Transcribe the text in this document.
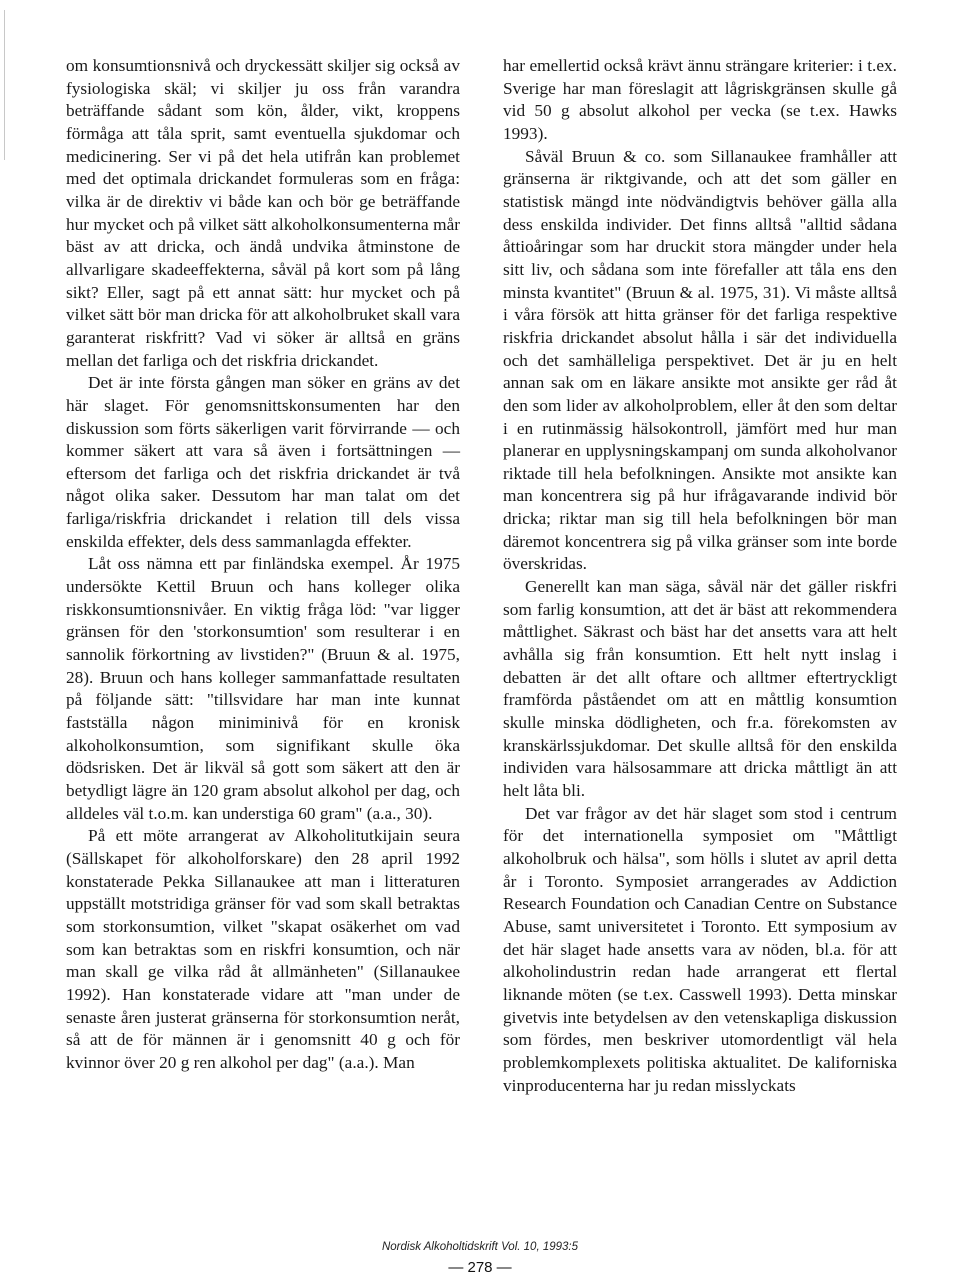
om konsumtionsnivå och dryckessätt skiljer sig också av fysiologiska skäl; vi skiljer ju oss från varandra beträffande sådant som kön, ålder, vikt, kroppens förmåga att tåla sprit, samt eventuella sjukdomar och medicinering. Ser vi på det hela utifrån kan problemet med det optimala drickandet formuleras som en fråga: vilka är de direktiv vi både kan och bör ge beträffande hur mycket och på vilket sätt alkoholkonsumenterna mår bäst av att dricka, och ändå undvika åtminstone de allvarligare skadeeffekterna, såväl på kort som på lång sikt? Eller, sagt på ett annat sätt: hur mycket och på vilket sätt bör man dricka för att alkoholbruket skall vara garanterat riskfritt? Vad vi söker är alltså en gräns mellan det farliga och det riskfria drickandet.

Det är inte första gången man söker en gräns av det här slaget. För genomsnittskonsumenten har den diskussion som förts säkerligen varit förvirrande — och kommer säkert att vara så även i fortsättningen — eftersom det farliga och det riskfria drickandet är två något olika saker. Dessutom har man talat om det farliga/riskfria drickandet i relation till dels vissa enskilda effekter, dels dess sammanlagda effekter.

Låt oss nämna ett par finländska exempel. År 1975 undersökte Kettil Bruun och hans kolleger olika riskkonsumtionsnivåer. En viktig fråga löd: "var ligger gränsen för den 'storkonsumtion' som resulterar i en sannolik förkortning av livstiden?" (Bruun & al. 1975, 28). Bruun och hans kolleger sammanfattade resultaten på följande sätt: "tillsvidare har man inte kunnat fastställa någon miniminivå för en kronisk alkoholkonsumtion, som signifikant skulle öka dödsrisken. Det är likväl så gott som säkert att den är betydligt lägre än 120 gram absolut alkohol per dag, och alldeles väl t.o.m. kan understiga 60 gram" (a.a., 30).

På ett möte arrangerat av Alkoholitutkijain seura (Sällskapet för alkoholforskare) den 28 april 1992 konstaterade Pekka Sillanaukee att man i litteraturen uppställt motstridiga gränser för vad som skall betraktas som storkonsumtion, vilket "skapat osäkerhet om vad som kan betraktas som en riskfri konsumtion, och när man skall ge vilka råd åt allmänheten" (Sillanaukee 1992). Han konstaterade vidare att "man under de senaste åren justerat gränserna för storkonsumtion neråt, så att de för männen är i genomsnitt 40 g och för kvinnor över 20 g ren alkohol per dag" (a.a.). Man

har emellertid också krävt ännu strängare kriterier: i t.ex. Sverige har man föreslagit att lågriskgränsen skulle gå vid 50 g absolut alkohol per vecka (se t.ex. Hawks 1993).

Såväl Bruun & co. som Sillanaukee framhåller att gränserna är riktgivande, och att det som gäller en statistisk mängd inte nödvändigtvis behöver gälla alla dess enskilda individer. Det finns alltså "alltid sådana åttioåringar som har druckit stora mängder under hela sitt liv, och sådana som inte förefaller att tåla ens den minsta kvantitet" (Bruun & al. 1975, 31). Vi måste alltså i våra försök att hitta gränser för det farliga respektive riskfria drickandet absolut hålla i sär det individuella och det samhälleliga perspektivet. Det är ju en helt annan sak om en läkare ansikte mot ansikte ger råd åt den som lider av alkoholproblem, eller åt den som deltar i en rutinmässig hälsokontroll, jämfört med hur man planerar en upplysningskampanj om sunda alkoholvanor riktade till hela befolkningen. Ansikte mot ansikte kan man koncentrera sig på hur ifrågavarande individ bör dricka; riktar man sig till hela befolkningen bör man däremot koncentrera sig på vilka gränser som inte borde överskridas.

Generellt kan man säga, såväl när det gäller riskfri som farlig konsumtion, att det är bäst att rekommendera måttlighet. Säkrast och bäst har det ansetts vara att helt avhålla sig från konsumtion. Ett helt nytt inslag i debatten är det allt oftare och alltmer eftertryckligt framförda påståendet om att en måttlig konsumtion skulle minska dödligheten, och fr.a. förekomsten av kranskärlssjukdomar. Det skulle alltså för den enskilda individen vara hälsosammare att dricka måttligt än att helt låta bli.

Det var frågor av det här slaget som stod i centrum för det internationella symposiet om "Måttligt alkoholbruk och hälsa", som hölls i slutet av april detta år i Toronto. Symposiet arrangerades av Addiction Research Foundation och Canadian Centre on Substance Abuse, samt universitetet i Toronto. Ett symposium av det här slaget hade ansetts vara av nöden, bl.a. för att alkoholindustrin redan hade arrangerat ett flertal liknande möten (se t.ex. Casswell 1993). Detta minskar givetvis inte betydelsen av den vetenskapliga diskussion som fördes, men beskriver utomordentligt väl hela problemkomplexets politiska aktualitet. De kaliforniska vinproducenterna har ju redan misslyckats

Nordisk Alkoholtidskrift Vol. 10, 1993:5
— 278 —
